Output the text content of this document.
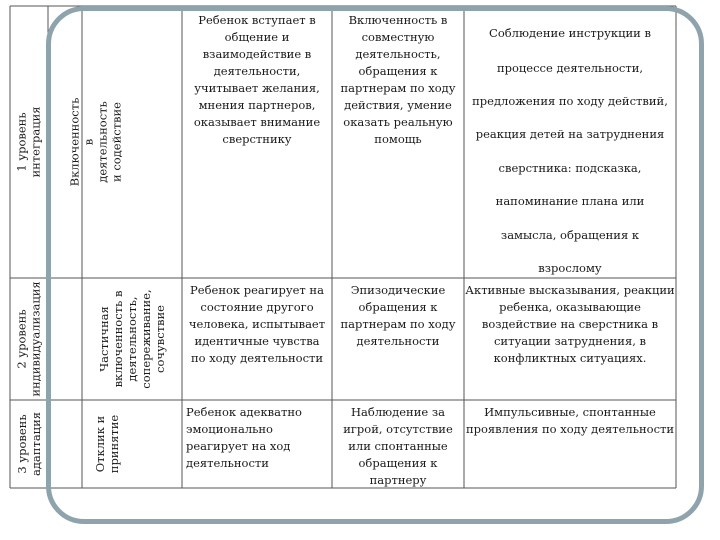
1 уровень
интеграция
2 уровень
индивидуализация
3 уровень
адаптация
Включенность в деятельность и содействие
Частичная
включенность в
деятельность,
сопереживание,
сочувствие
Отклик и
принятие
Ребенок вступает в
общение и
взаимодействие в
деятельности,
учитывает желания,
мнения партнеров,
оказывает внимание
сверстнику
Включенность в
совместную
деятельность,
обращения к
партнерам по ходу
действия, умение
оказать реальную
помощь

Соблюдение инструкции в

процессе деятельности,

предложения по ходу действий,

реакция детей на затруднения

сверстника: подсказка,

напоминание плана или

замысла, обращения к

взрослому

Ребенок реагирует на
состояние другого
человека, испытывает
идентичные чувства
по ходу деятельности
Эпизодические
обращения к
партнерам по ходу
деятельности
Активные высказывания, реакции
ребенка, оказывающие
воздействие на сверстника в
ситуации затруднения, в
конфликтных ситуациях.
Ребенок адекватно
эмоционально
реагирует на ход
деятельности
Наблюдение за
игрой, отсутствие
или спонтанные
обращения к
партнеру
Импульсивные, спонтанные
проявления по ходу деятельности
